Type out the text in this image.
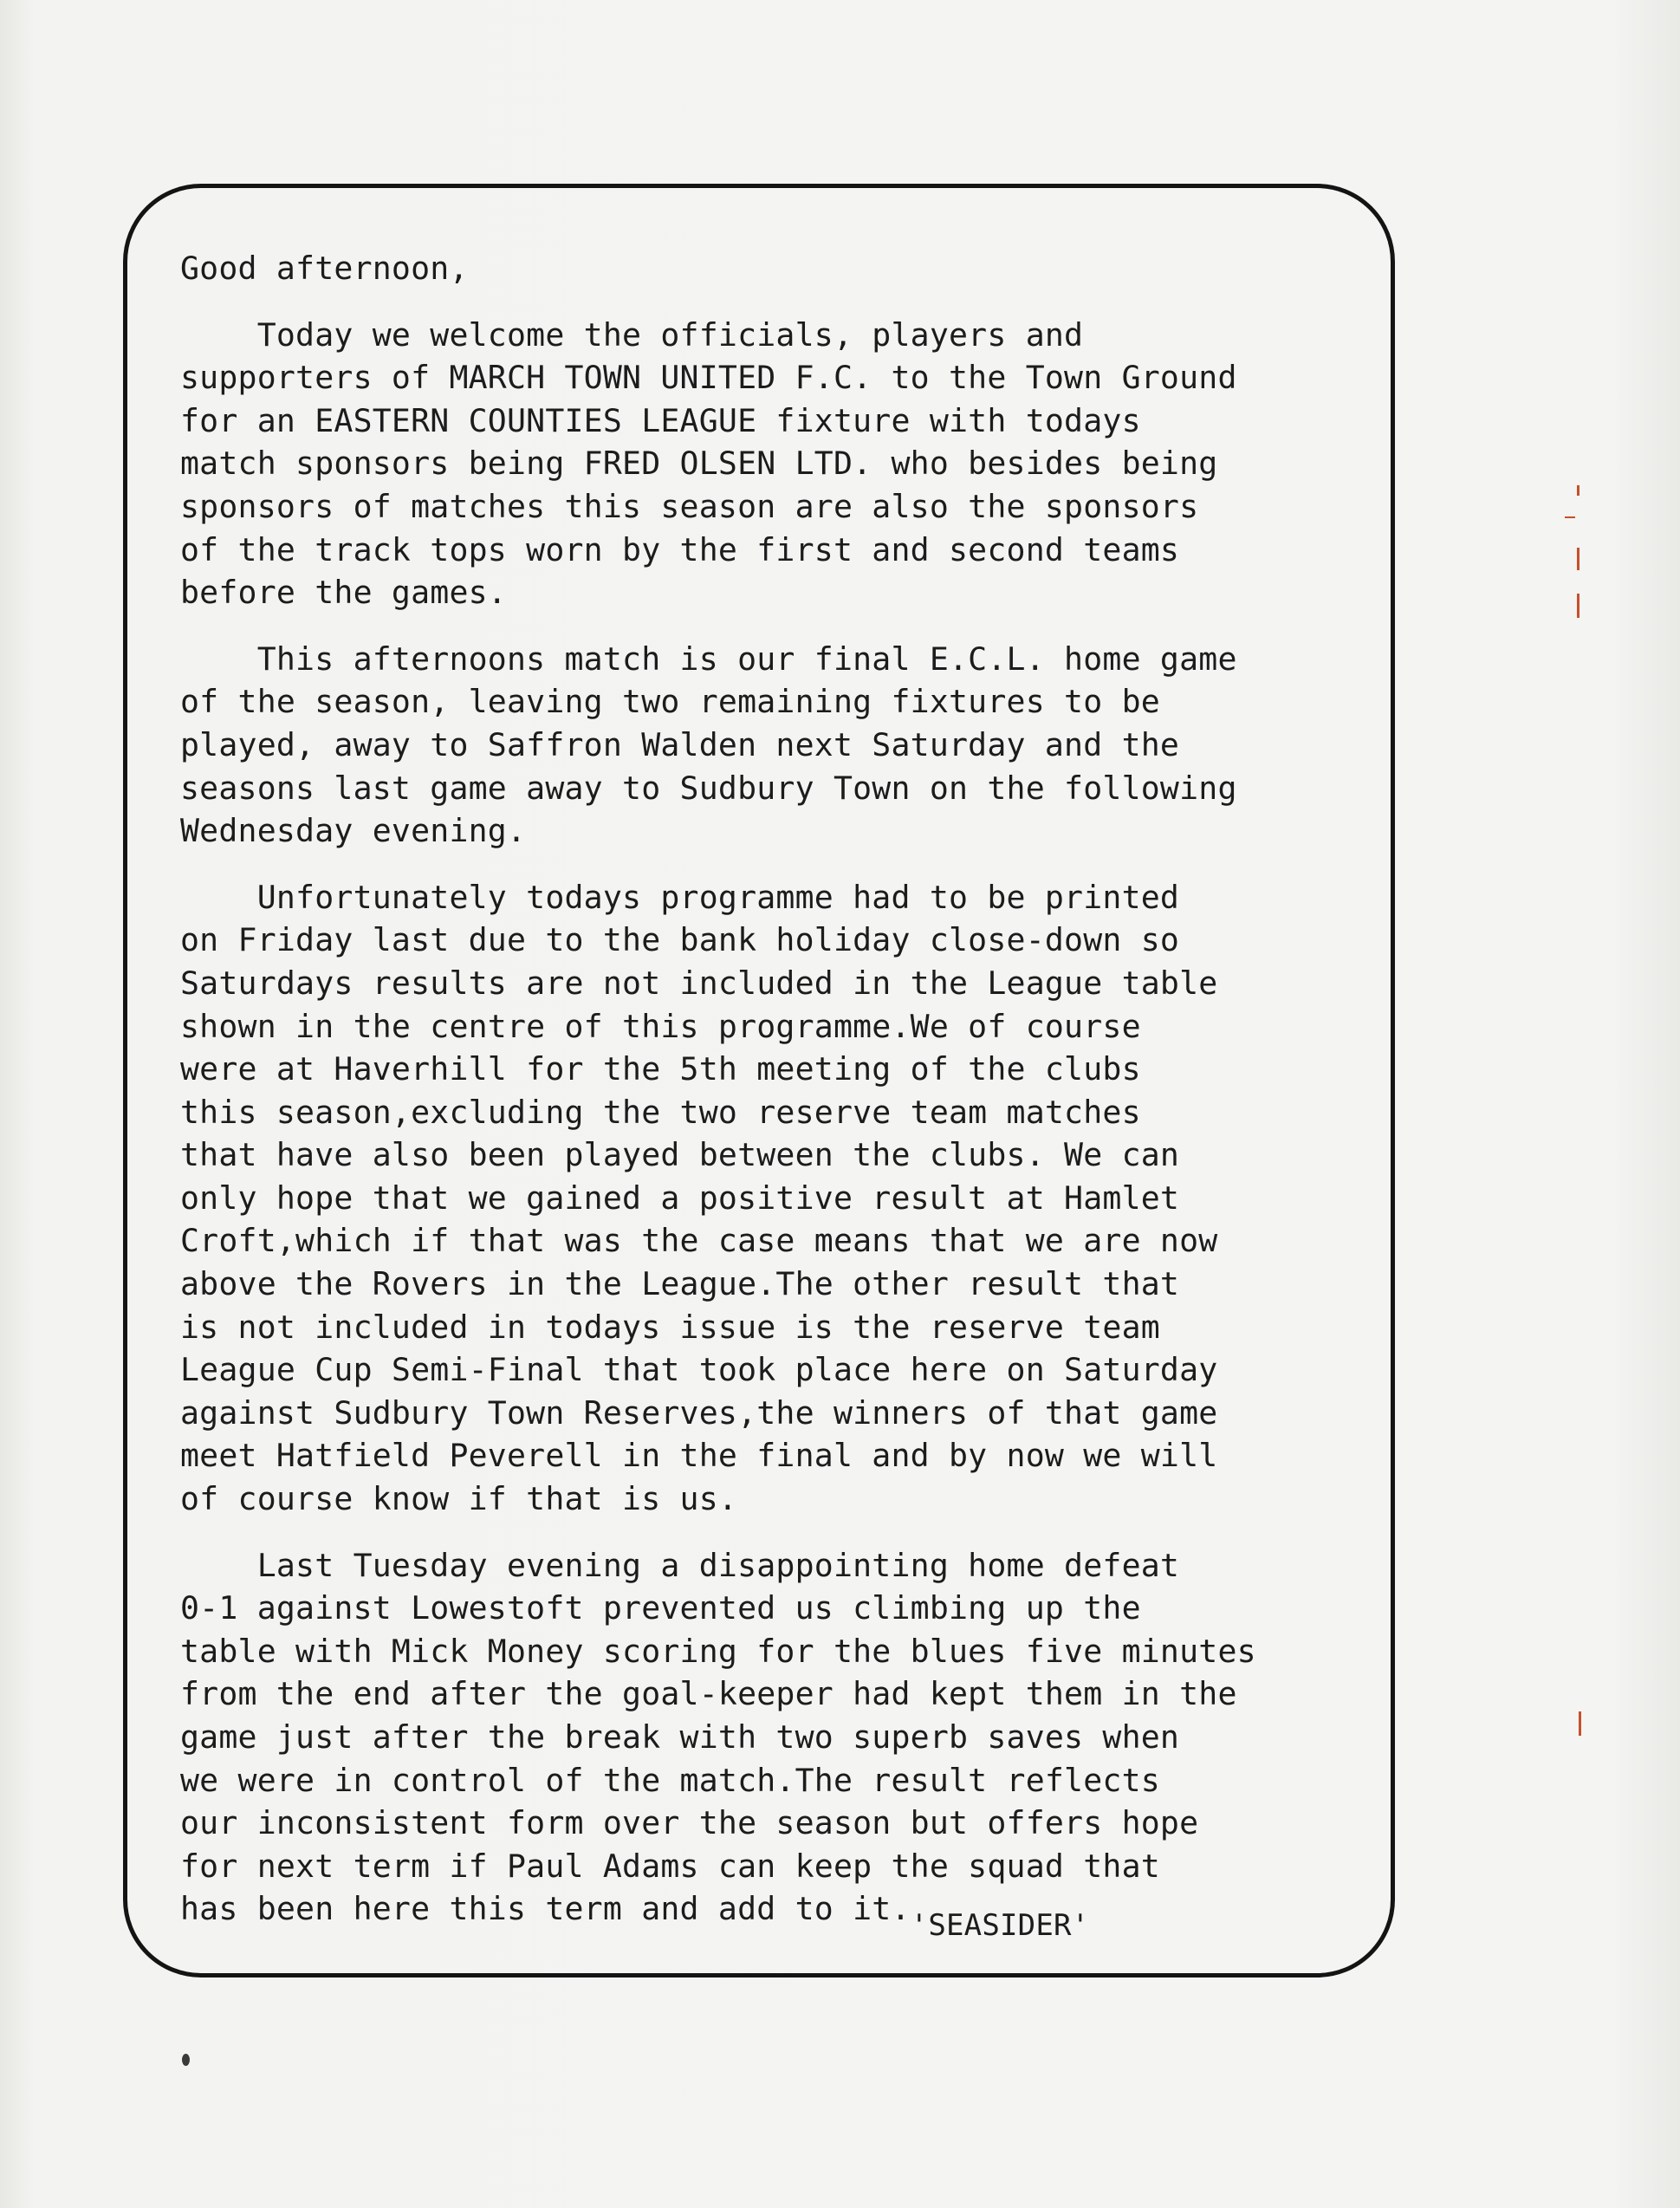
Good afternoon,

Today we welcome the officials, players and

supporters of MARCH TOWN UNITED F.C. to the Town Ground

for an EASTERN COUNTIES LEAGUE fixture with todays

match sponsors being FRED OLSEN LTD. who besides being

sponsors of matches this season are also the sponsors

of the track tops worn by the first and second teams

before the games.

This afternoons match is our final E.C.L. home game

of the season, leaving two remaining fixtures to be

played, away to Saffron Walden next Saturday and the

seasons last game away to Sudbury Town on the following

Wednesday evening.

Unfortunately todays programme had to be printed

on Friday last due to the bank holiday close-down so

Saturdays results are not included in the League table

shown in the centre of this programme.We of course

were at Haverhill for the 5th meeting of the clubs

this season,excluding the two reserve team matches

that have also been played between the clubs. We can

only hope that we gained a positive result at Hamlet

Croft,which if that was the case means that we are now

above the Rovers in the League.The other result that

is not included in todays issue is the reserve team

League Cup Semi-Final that took place here on Saturday

against Sudbury Town Reserves,the winners of that game

meet Hatfield Peverell in the final and by now we will

of course know if that is us.

Last Tuesday evening a disappointing home defeat

0-1 against Lowestoft prevented us climbing up the

table with Mick Money scoring for the blues five minutes

from the end after the goal-keeper had kept them in the

game just after the break with two superb saves when

we were in control of the match.The result reflects

our inconsistent form over the season but offers hope

for next term if Paul Adams can keep the squad that

has been here this term and add to it.'SEASIDER'
